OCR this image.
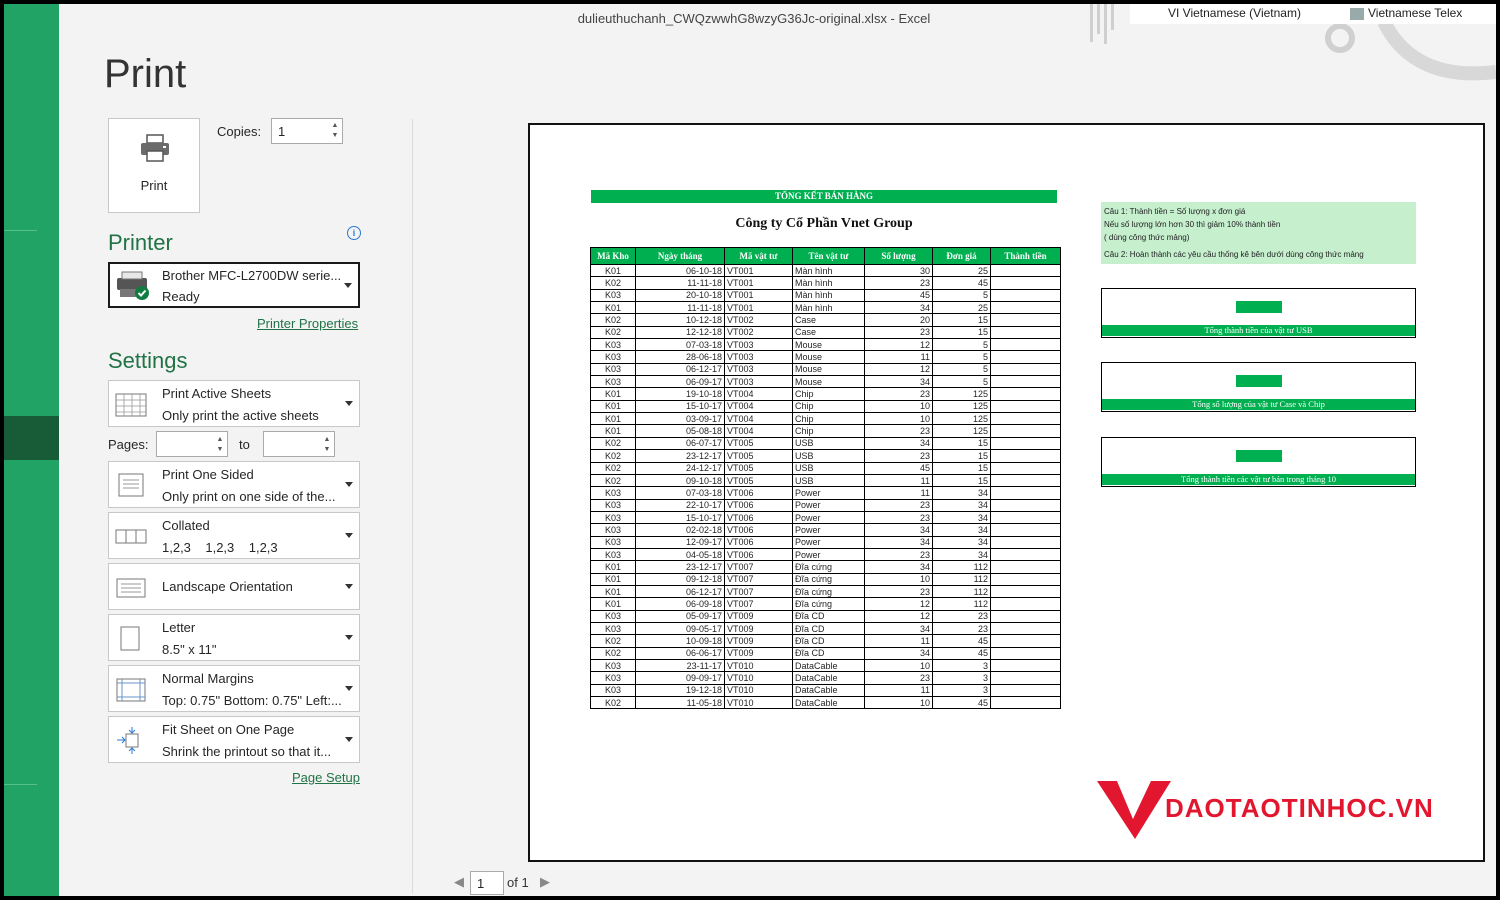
dulieuthuchanh_CWQzwwhG8wzyG36Jc-original.xlsx - Excel	VI Vietnamese (Vietnam)	Vietnamese Telex
Print
Print
Copies:	1	▲
▼
Printer	i
Brother MFC-L2700DW serie...
Ready
Printer Properties
Settings
Print Active Sheets
Only print the active sheets
Pages:	▲
▼ to	▲
▼
Print One Sided
Only print on one side of the...
Collated
1,2,3    1,2,3    1,2,3
Landscape Orientation
Letter
8.5" x 11"
Normal Margins
Top: 0.75" Bottom: 0.75" Left:...
Fit Sheet on One Page
Shrink the printout so that it...
Page Setup
TỔNG KẾT BÁN HÀNG
Công ty Cổ Phần Vnet Group
Mã Kho	Ngày tháng	Mã vật tư	Tên vật tư	Số lượng	Đơn giá	Thành tiền
K01	06-10-18	VT001	Màn hình	30	25	
K02	11-11-18	VT001	Màn hình	23	45	
K03	20-10-18	VT001	Màn hình	45	5	
K01	11-11-18	VT001	Màn hình	34	25	
K02	10-12-18	VT002	Case	20	15	
K02	12-12-18	VT002	Case	23	15	
K03	07-03-18	VT003	Mouse	12	5	
K03	28-06-18	VT003	Mouse	11	5	
K03	06-12-17	VT003	Mouse	12	5	
K03	06-09-17	VT003	Mouse	34	5	
K01	19-10-18	VT004	Chip	23	125	
K01	15-10-17	VT004	Chip	10	125	
K01	03-09-17	VT004	Chip	10	125	
K01	05-08-18	VT004	Chip	23	125	
K02	06-07-17	VT005	USB	34	15	
K02	23-12-17	VT005	USB	23	15	
K02	24-12-17	VT005	USB	45	15	
K02	09-10-18	VT005	USB	11	15	
K03	07-03-18	VT006	Power	11	34	
K03	22-10-17	VT006	Power	23	34	
K03	15-10-17	VT006	Power	23	34	
K03	02-02-18	VT006	Power	34	34	
K03	12-09-17	VT006	Power	34	34	
K03	04-05-18	VT006	Power	23	34	
K01	23-12-17	VT007	Đĩa cứng	34	112	
K01	09-12-18	VT007	Đĩa cứng	10	112	
K01	06-12-17	VT007	Đĩa cứng	23	112	
K01	06-09-18	VT007	Đĩa cứng	12	112	
K03	05-09-17	VT009	Đĩa CD	12	23	
K03	09-05-17	VT009	Đĩa CD	34	23	
K02	10-09-18	VT009	Đĩa CD	11	45	
K02	06-06-17	VT009	Đĩa CD	34	45	
K03	23-11-17	VT010	DataCable	10	3	
K03	09-09-17	VT010	DataCable	23	3	
K03	19-12-18	VT010	DataCable	11	3	
K02	11-05-18	VT010	DataCable	10	45	
Câu 1: Thành tiền = Số lượng x đơn giá
Nếu số lượng lớn hơn 30 thì giảm 10% thành tiền
( dùng công thức mảng)
Câu 2: Hoàn thành các yêu cầu thống kê bên dưới dùng công thức mảng
Tổng thành tiền của vật tư USB
Tổng số lượng của vật tư Case và Chip
Tổng thành tiền các vật tư bán trong tháng 10
DAOTAOTINHOC.VN
◀	of 1 ▶
1
